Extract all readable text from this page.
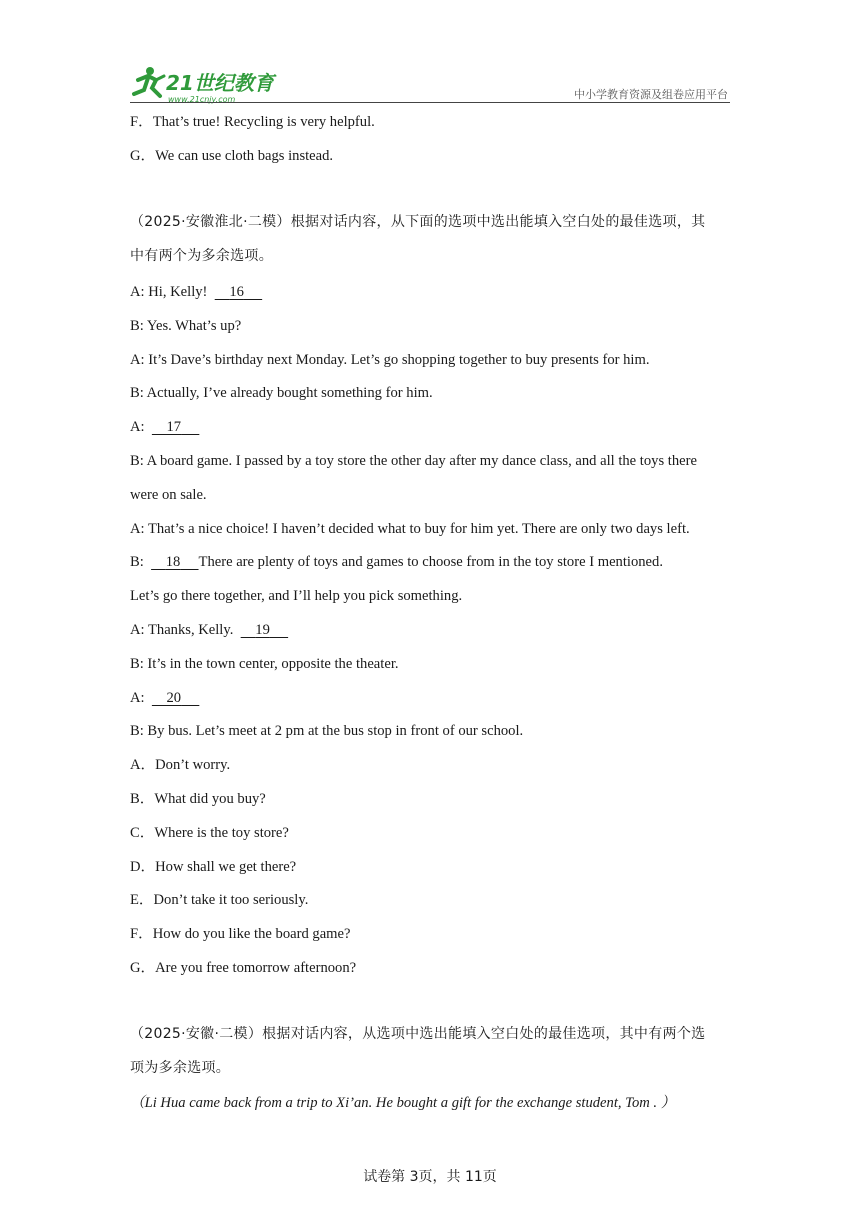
21世纪教育
www.21cnjy.com	中小学教育资源及组卷应用平台
F．That’s true! Recycling is very helpful.
G．We can use cloth bags instead.
（2025·安徽淮北·二模）根据对话内容，从下面的选项中选出能填入空白处的最佳选项，其
中有两个为多余选项。
A: Hi, Kelly!      16
B: Yes. What’s up?
A: It’s Dave’s birthday next Monday. Let’s go shopping together to buy presents for him.
B: Actually, I’ve already bought something for him.
A:      17
B: A board game. I passed by a toy store the other day after my dance class, and all the toys there
were on sale.
A: That’s a nice choice! I haven’t decided what to buy for him yet. There are only two days left.
B:      18 There are plenty of toys and games to choose from in the toy store I mentioned.
Let’s go there together, and I’ll help you pick something.
A: Thanks, Kelly.      19
B: It’s in the town center, opposite the theater.
A:      20
B: By bus. Let’s meet at 2 pm at the bus stop in front of our school.
A．Don’t worry.
B．What did you buy?
C．Where is the toy store?
D．How shall we get there?
E．Don’t take it too seriously.
F．How do you like the board game?
G．Are you free tomorrow afternoon?
（2025·安徽·二模）根据对话内容，从选项中选出能填入空白处的最佳选项，其中有两个选
项为多余选项。
（Li Hua came back from a trip to Xi’an. He bought a gift for the exchange student, Tom . ）
试卷第 3页，共 11页
